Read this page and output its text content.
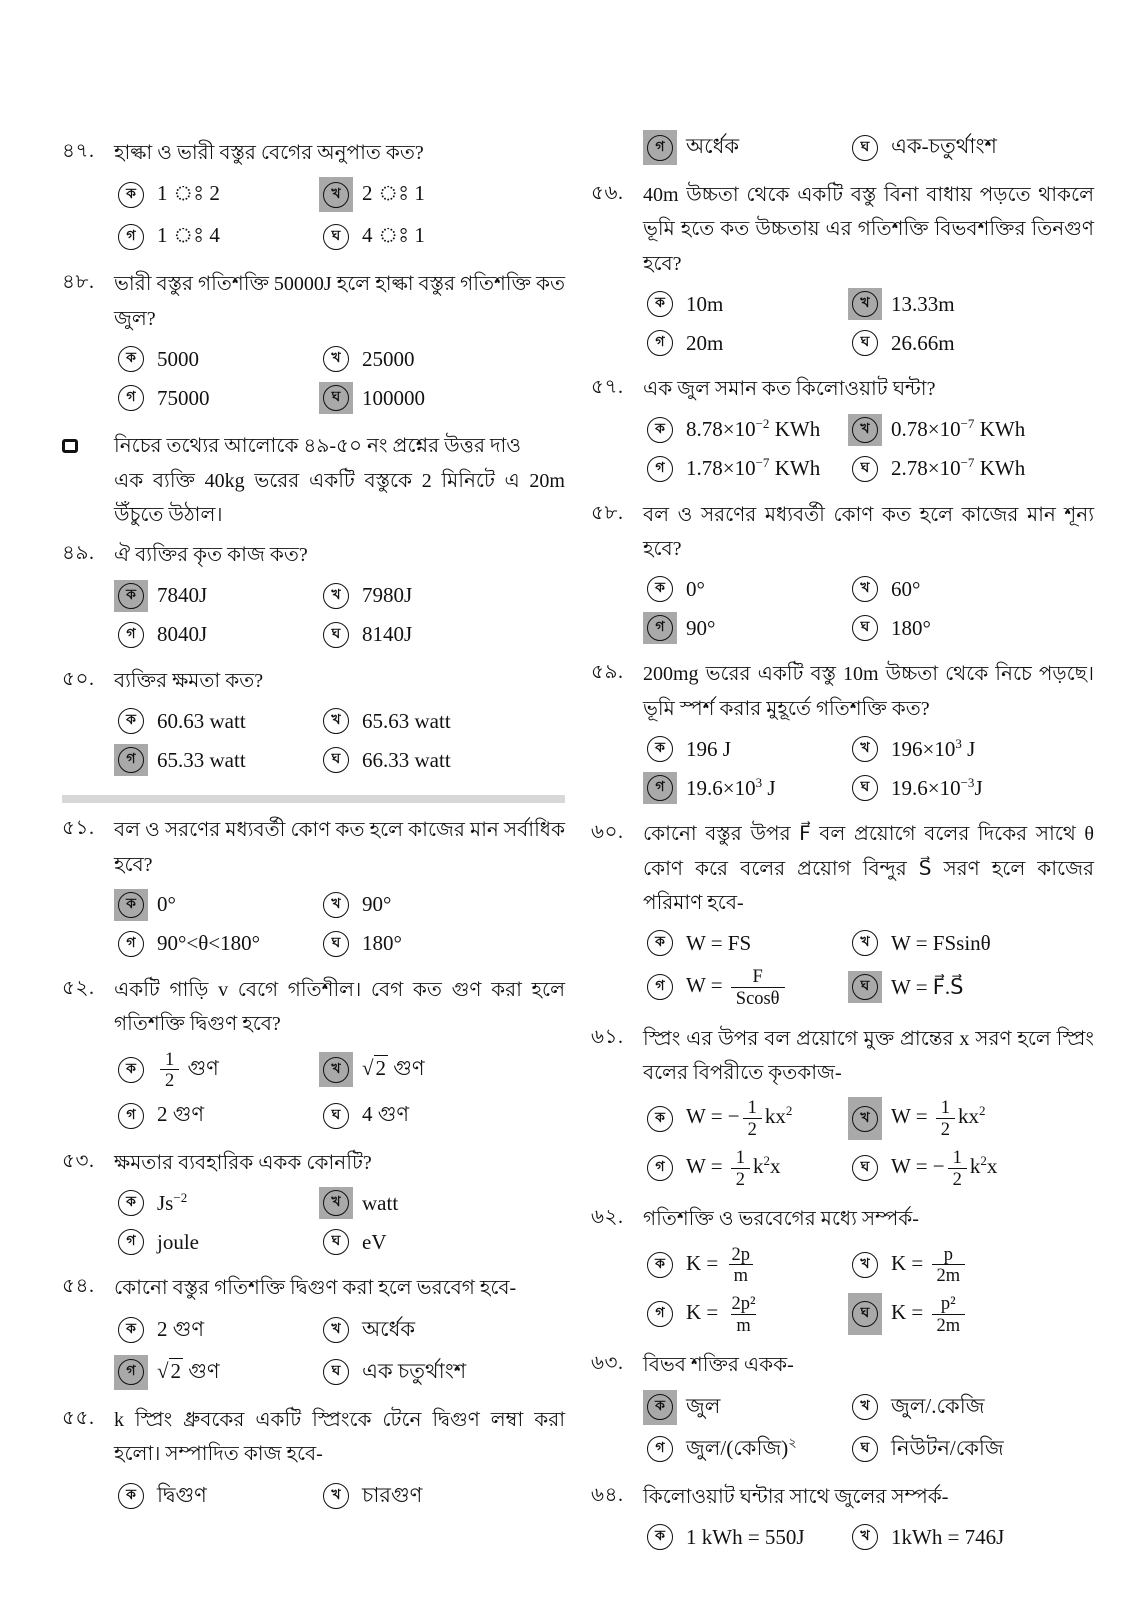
৪৭. হাল্কা ও ভারী বস্তুর বেগের অনুপাত কত?
ক	1 ঃ 2	খ	2 ঃ 1
গ	1 ঃ 4	ঘ	4 ঃ 1
৪৮. ভারী বস্তুর গতিশক্তি 50000J হলে হাল্কা বস্তুর গতিশক্তি কত জুল?
ক	5000	খ	25000
গ	75000	ঘ	100000
নিচের তথ্যের আলোকে ৪৯-৫০ নং প্রশ্নের উত্তর দাও
এক ব্যক্তি 40kg ভরের একটি বস্তুকে 2 মিনিটে এ 20m উঁচুতে উঠাল।
৪৯. ঐ ব্যক্তির কৃত কাজ কত?
ক	7840J	খ	7980J
গ	8040J	ঘ	8140J
৫০. ব্যক্তির ক্ষমতা কত?
ক	60.63 watt	খ	65.63 watt
গ	65.33 watt	ঘ	66.33 watt
৫১. বল ও সরণের মধ্যবর্তী কোণ কত হলে কাজের মান সর্বাধিক হবে?
ক	0°	খ	90°
গ	90°<θ<180°	ঘ	180°
৫২. একটি গাড়ি v বেগে গতিশীল। বেগ কত গুণ করা হলে গতিশক্তি দ্বিগুণ হবে?
ক	$\frac{1}{2}$ গুণ	খ	√2 গুণ
গ	2 গুণ	ঘ	4 গুণ
৫৩. ক্ষমতার ব্যবহারিক একক কোনটি?
ক	$Js^{-2}$	খ	watt
গ	joule	ঘ	eV
৫৪. কোনো বস্তুর গতিশক্তি দ্বিগুণ করা হলে ভরবেগ হবে-
ক	2 গুণ	খ	অর্ধেক
গ	√2 গুণ	ঘ	এক চতুর্থাংশ
৫৫. k স্প্রিং ধ্রুবকের একটি স্প্রিংকে টেনে দ্বিগুণ লম্বা করা হলো। সম্পাদিত কাজ হবে-
ক	দ্বিগুণ	খ	চারগুণ
গ	অর্ধেক	ঘ	এক-চতুর্থাংশ
৫৬. 40m উচ্চতা থেকে একটি বস্তু বিনা বাধায় পড়তে থাকলে ভূমি হতে কত উচ্চতায় এর গতিশক্তি বিভবশক্তির তিনগুণ হবে?
ক	10m	খ	13.33m
গ	20m	ঘ	26.66m
৫৭. এক জুল সমান কত কিলোওয়াট ঘন্টা?
ক	$8.78\times 10^{-2}$ KWh	খ	$0.78\times 10^{-7}$ KWh
গ	$1.78\times 10^{-7}$ KWh	ঘ	$2.78\times 10^{-7}$ KWh
৫৮. বল ও সরণের মধ্যবর্তী কোণ কত হলে কাজের মান শূন্য হবে?
ক	0°	খ	60°
গ	90°	ঘ	180°
৫৯. 200mg ভরের একটি বস্তু 10m উচ্চতা থেকে নিচে পড়ছে। ভূমি স্পর্শ করার মুহূর্তে গতিশক্তি কত?
ক	196 J	খ	$196\times 10^3$ J
গ	$19.6\times 10^3$ J	ঘ	$19.6\times 10^{-3}J$
৬০. কোনো বস্তুর উপর F⃗ বল প্রয়োগে বলের দিকের সাথে θ কোণ করে বলের প্রয়োগ বিন্দুর S⃗ সরণ হলে কাজের পরিমাণ হবে-
ক	W = FS	খ	W = FSsinθ
গ	$W = \frac{F}{Scos\theta}$	ঘ	W = F⃗.S⃗
৬১. স্প্রিং এর উপর বল প্রয়োগে মুক্ত প্রান্তের x সরণ হলে স্প্রিং বলের বিপরীতে কৃতকাজ-
ক	W = − $\frac{1}{2} kx^2$	খ	$W = \frac{1}{2} kx^2$
গ	$W = \frac{1}{2} k^2x$	ঘ	W = − $\frac{1}{2} k^2x$
৬২. গতিশক্তি ও ভরবেগের মধ্যে সম্পর্ক-
ক	$K = \frac{2p}{m}$	খ	$K = \frac{p}{2m}$
গ	$K = \frac{\text{2p²}}{m}$	ঘ	$K = \frac{\text{p²}}{2m}$
৬৩. বিভব শক্তির একক-
ক	জুল	খ	জুল/.কেজি
গ	জুল/(কেজি)$^২$	ঘ	নিউটন/কেজি
৬৪. কিলোওয়াট ঘন্টার সাথে জুলের সম্পর্ক-
ক	1 kWh = 550J	খ	1kWh = 746J
